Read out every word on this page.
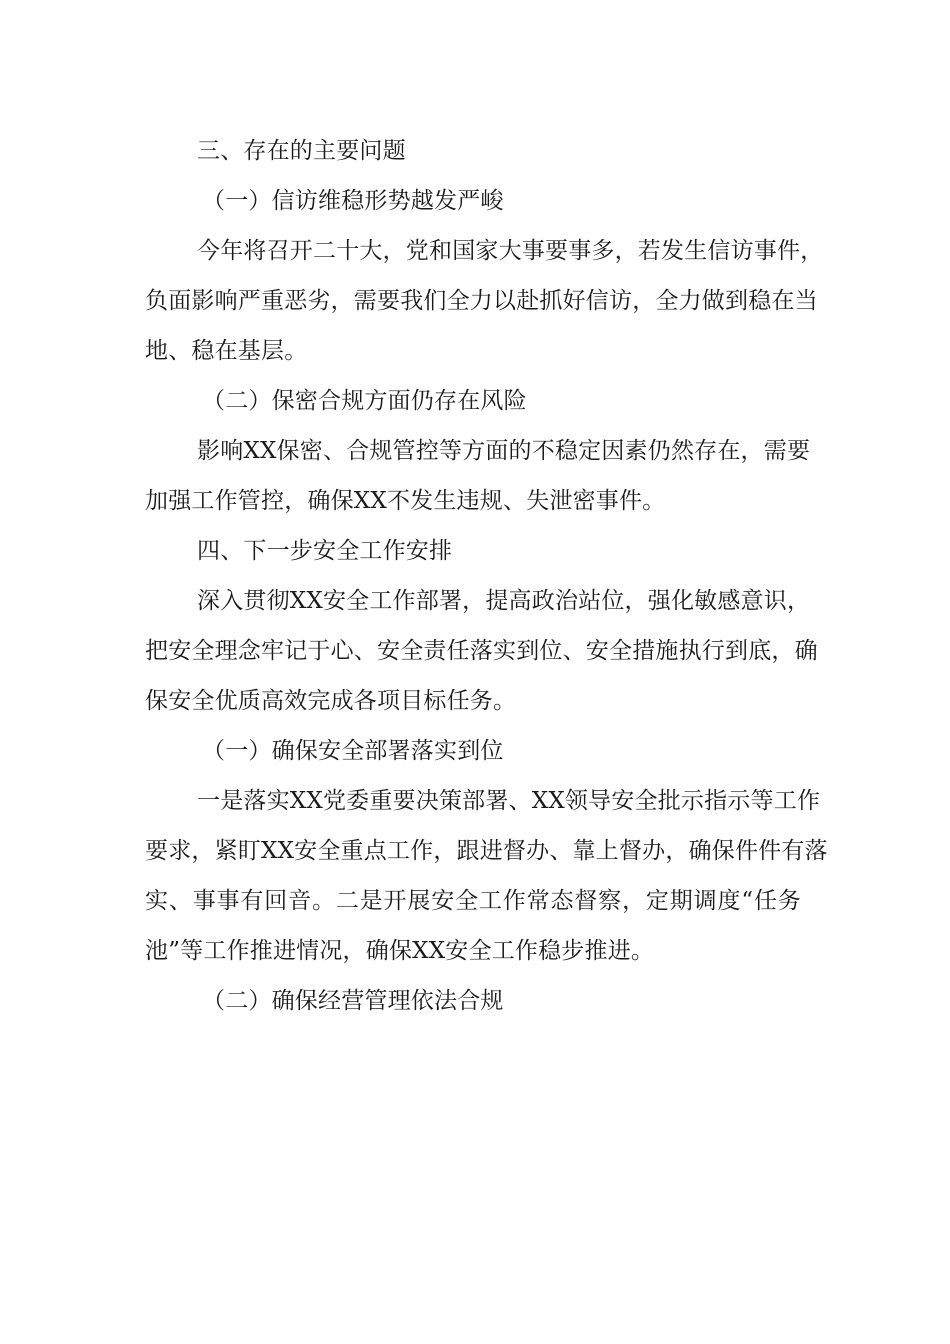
三、存在的主要问题
（一）信访维稳形势越发严峻
今年将召开二十大，党和国家大事要事多，若发生信访事件，
负面影响严重恶劣，需要我们全力以赴抓好信访，全力做到稳在当
地、稳在基层。
（二）保密合规方面仍存在风险
影响XX保密、合规管控等方面的不稳定因素仍然存在，需要
加强工作管控，确保XX不发生违规、失泄密事件。
四、下一步安全工作安排
深入贯彻XX安全工作部署，提高政治站位，强化敏感意识，
把安全理念牢记于心、安全责任落实到位、安全措施执行到底，确
保安全优质高效完成各项目标任务。
（一）确保安全部署落实到位
一是落实XX党委重要决策部署、XX领导安全批示指示等工作
要求，紧盯XX安全重点工作，跟进督办、靠上督办，确保件件有落
实、事事有回音。二是开展安全工作常态督察，定期调度“任务
池”等工作推进情况，确保XX安全工作稳步推进。
（二）确保经营管理依法合规
